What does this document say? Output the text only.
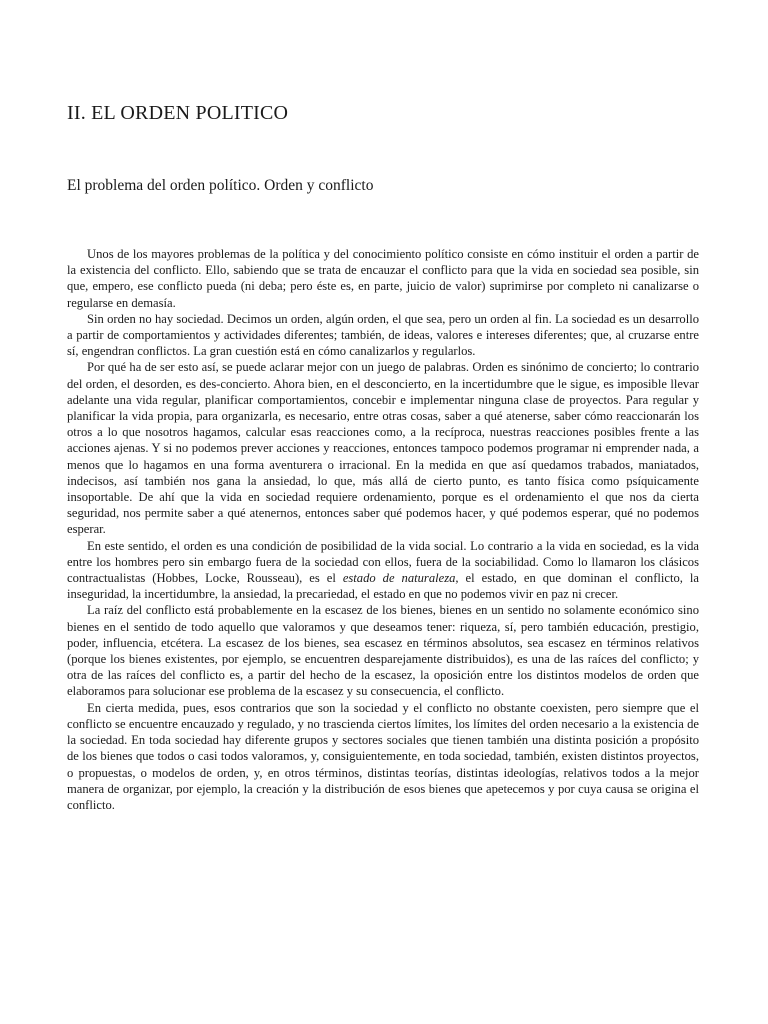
II. EL ORDEN POLITICO
El problema del orden político. Orden y conflicto

Unos de los mayores problemas de la política y del conocimiento político consiste en cómo instituir el orden a partir de la existencia del conflicto. Ello, sabiendo que se trata de encauzar el conflicto para que la vida en sociedad sea posible, sin que, empero, ese conflicto pueda (ni deba; pero éste es, en parte, juicio de valor) suprimirse por completo ni canalizarse o regularse en demasía.

Sin orden no hay sociedad. Decimos un orden, algún orden, el que sea, pero un orden al fin. La sociedad es un desarrollo a partir de comportamientos y actividades diferentes; también, de ideas, valores e intereses diferentes; que, al cruzarse entre sí, engendran conflictos. La gran cuestión está en cómo canalizarlos y regularlos.

Por qué ha de ser esto así, se puede aclarar mejor con un juego de palabras. Orden es sinónimo de concierto; lo contrario del orden, el desorden, es des-concierto. Ahora bien, en el desconcierto, en la incertidumbre que le sigue, es imposible llevar adelante una vida regular, planificar comportamientos, concebir e implementar ninguna clase de proyectos. Para regular y planificar la vida propia, para organizarla, es necesario, entre otras cosas, saber a qué atenerse, saber cómo reaccionarán los otros a lo que nosotros hagamos, calcular esas reacciones como, a la recíproca, nuestras reacciones posibles frente a las acciones ajenas. Y si no podemos prever acciones y reacciones, entonces tampoco podemos programar ni emprender nada, a menos que lo hagamos en una forma aventurera o irracional. En la medida en que así quedamos trabados, maniatados, indecisos, así también nos gana la ansiedad, lo que, más allá de cierto punto, es tanto física como psíquicamente insoportable. De ahí que la vida en sociedad requiere ordenamiento, porque es el ordenamiento el que nos da cierta seguridad, nos permite saber a qué atenernos, entonces saber qué podemos hacer, y qué podemos esperar, qué no podemos esperar.

En este sentido, el orden es una condición de posibilidad de la vida social. Lo contrario a la vida en sociedad, es la vida entre los hombres pero sin embargo fuera de la sociedad con ellos, fuera de la sociabilidad. Como lo llamaron los clásicos contractualistas (Hobbes, Locke, Rousseau), es el estado de naturaleza, el estado, en que dominan el conflicto, la inseguridad, la incertidumbre, la ansiedad, la precariedad, el estado en que no podemos vivir en paz ni crecer.

La raíz del conflicto está probablemente en la escasez de los bienes, bienes en un sentido no solamente económico sino bienes en el sentido de todo aquello que valoramos y que deseamos tener: riqueza, sí, pero también educación, prestigio, poder, influencia, etcétera. La escasez de los bienes, sea escasez en términos absolutos, sea escasez en términos relativos (porque los bienes existentes, por ejemplo, se encuentren desparejamente distribuidos), es una de las raíces del conflicto; y otra de las raíces del conflicto es, a partir del hecho de la escasez, la oposición entre los distintos modelos de orden que elaboramos para solucionar ese problema de la escasez y su consecuencia, el conflicto.

En cierta medida, pues, esos contrarios que son la sociedad y el conflicto no obstante coexisten, pero siempre que el conflicto se encuentre encauzado y regulado, y no trascienda ciertos límites, los límites del orden necesario a la existencia de la sociedad. En toda sociedad hay diferente grupos y sectores sociales que tienen también una distinta posición a propósito de los bienes que todos o casi todos valoramos, y, consiguientemente, en toda sociedad, también, existen distintos proyectos, o propuestas, o modelos de orden, y, en otros términos, distintas teorías, distintas ideologías, relativos todos a la mejor manera de organizar, por ejemplo, la creación y la distribución de esos bienes que apetecemos y por cuya causa se origina el conflicto.
